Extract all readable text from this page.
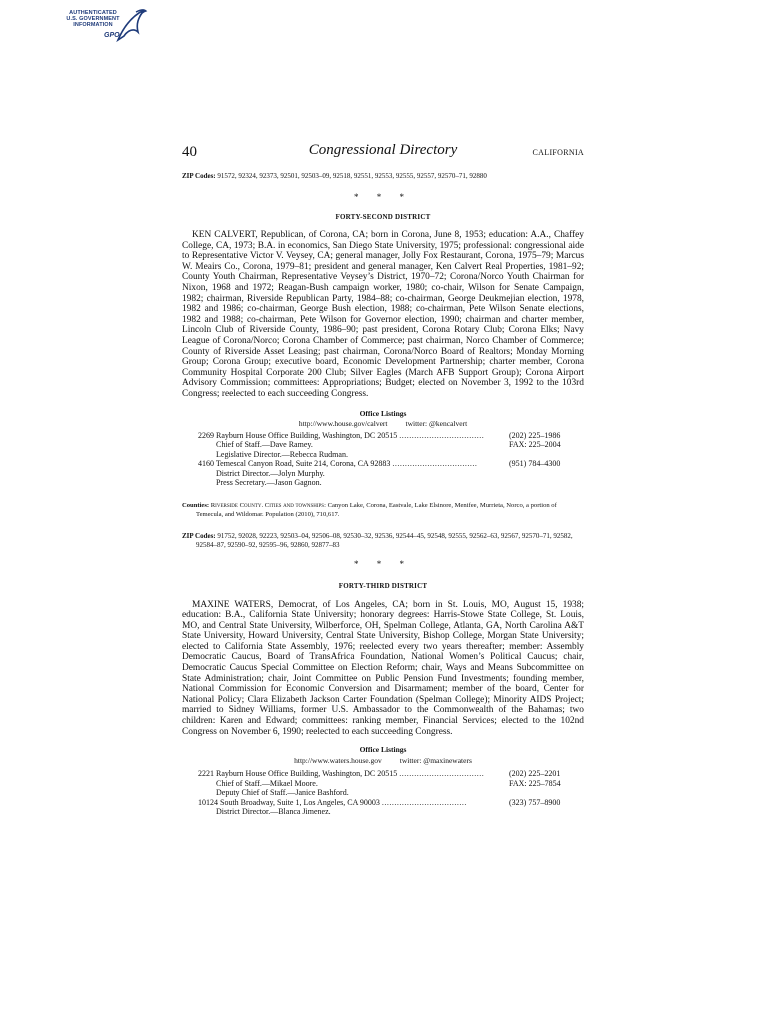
AUTHENTICATED
U.S. GOVERNMENT
INFORMATION
GPO
40	Congressional Directory	CALIFORNIA

ZIP Codes: 91572, 92324, 92373, 92501, 92503–09, 92518, 92551, 92553, 92555, 92557, 92570–71, 92880

* * *

FORTY-SECOND DISTRICT

KEN CALVERT, Republican, of Corona, CA; born in Corona, June 8, 1953; education: A.A., Chaffey College, CA, 1973; B.A. in economics, San Diego State University, 1975; professional: congressional aide to Representative Victor V. Veysey, CA; general manager, Jolly Fox Restaurant, Corona, 1975–79; Marcus W. Meairs Co., Corona, 1979–81; president and general manager, Ken Calvert Real Properties, 1981–92; County Youth Chairman, Representative Veysey’s District, 1970–72; Corona/Norco Youth Chairman for Nixon, 1968 and 1972; Reagan-Bush campaign worker, 1980; co-chair, Wilson for Senate Campaign, 1982; chairman, Riverside Republican Party, 1984–88; co-chairman, George Deukmejian election, 1978, 1982 and 1986; co-chairman, George Bush election, 1988; co-chairman, Pete Wilson Senate elections, 1982 and 1988; co-chairman, Pete Wilson for Governor election, 1990; chairman and charter member, Lincoln Club of Riverside County, 1986–90; past president, Corona Rotary Club; Corona Elks; Navy League of Corona/Norco; Corona Chamber of Commerce; past chairman, Norco Chamber of Commerce; County of Riverside Asset Leasing; past chairman, Corona/Norco Board of Realtors; Monday Morning Group; Corona Group; executive board, Economic Development Partnership; charter member, Corona Community Hospital Corporate 200 Club; Silver Eagles (March AFB Support Group); Corona Airport Advisory Commission; committees: Appropriations; Budget; elected on November 3, 1992 to the 103rd Congress; reelected to each succeeding Congress.

Office Listings

http://www.house.gov/calvert twitter: @kencalvert

2269 Rayburn House Office Building, Washington, DC 20515 ..................................	(202) 225–1986
Chief of Staff.—Dave Ramey.	FAX: 225–2004
Legislative Director.—Rebecca Rudman.
4160 Temescal Canyon Road, Suite 214, Corona, CA 92883 ..................................	(951) 784–4300
District Director.—Jolyn Murphy.
Press Secretary.—Jason Gagnon.

Counties: Riverside County. Cities and townships: Canyon Lake, Corona, Eastvale, Lake Elsinore, Menifee, Murrieta, Norco, a portion of Temecula, and Wildomar. Population (2010), 710,617.

ZIP Codes: 91752, 92028, 92223, 92503–04, 92506–08, 92530–32, 92536, 92544–45, 92548, 92555, 92562–63, 92567, 92570–71, 92582, 92584–87, 92590–92, 92595–96, 92860, 92877–83

* * *

FORTY-THIRD DISTRICT

MAXINE WATERS, Democrat, of Los Angeles, CA; born in St. Louis, MO, August 15, 1938; education: B.A., California State University; honorary degrees: Harris-Stowe State College, St. Louis, MO, and Central State University, Wilberforce, OH, Spelman College, Atlanta, GA, North Carolina A&T State University, Howard University, Central State University, Bishop College, Morgan State University; elected to California State Assembly, 1976; reelected every two years thereafter; member: Assembly Democratic Caucus, Board of TransAfrica Foundation, National Women’s Political Caucus; chair, Democratic Caucus Special Committee on Election Reform; chair, Ways and Means Subcommittee on State Administration; chair, Joint Committee on Public Pension Fund Investments; founding member, National Commission for Economic Conversion and Disarmament; member of the board, Center for National Policy; Clara Elizabeth Jackson Carter Foundation (Spelman College); Minority AIDS Project; married to Sidney Williams, former U.S. Ambassador to the Commonwealth of the Bahamas; two children: Karen and Edward; committees: ranking member, Financial Services; elected to the 102nd Congress on November 6, 1990; reelected to each succeeding Congress.

Office Listings

http://www.waters.house.gov twitter: @maxinewaters

2221 Rayburn House Office Building, Washington, DC 20515 ..................................	(202) 225–2201
Chief of Staff.—Mikael Moore.	FAX: 225–7854
Deputy Chief of Staff.—Janice Bashford.
10124 South Broadway, Suite 1, Los Angeles, CA 90003 ..................................	(323) 757–8900
District Director.—Blanca Jimenez.
